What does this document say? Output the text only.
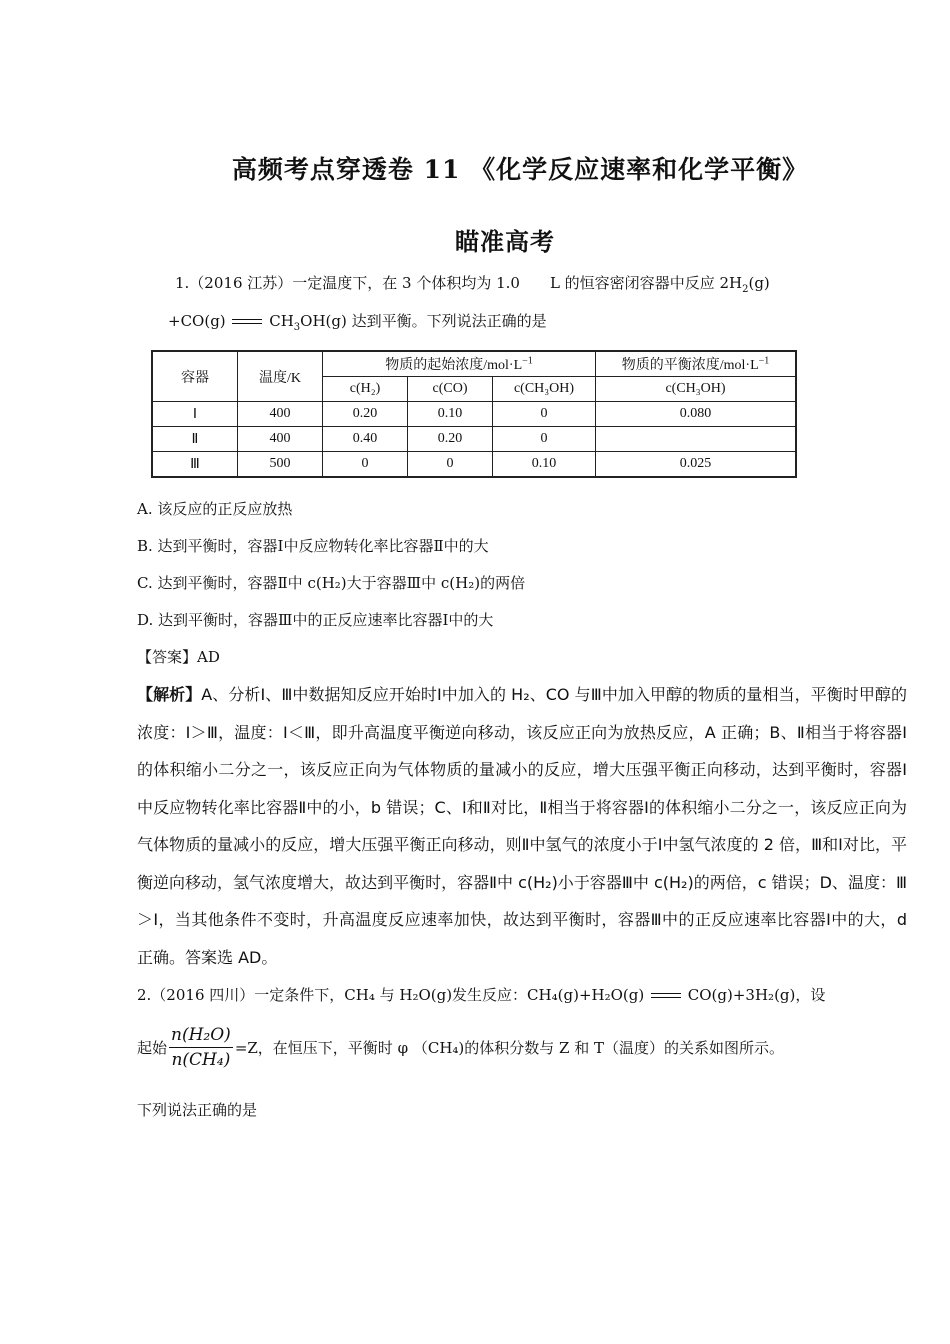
高频考点穿透卷 11 《化学反应速率和化学平衡》
瞄准高考
1.（2016 江苏）一定温度下，在 3 个体积均为 1.0　　L 的恒容密闭容器中反应 $2H_2(g)$
+CO(g)	$CH_3OH(g)$ 达到平衡。下列说法正确的是
容器	温度/K	物质的起始浓度$/mol\cdot L^{-1}$			物质的平衡浓度$/mol\cdot L^{-1}$
		c(H₂)	c(CO)	c(CH₃OH)	c(CH₃OH)
Ⅰ	400	0.20	0.10	0	0.080
Ⅱ	400	0.40	0.20	0	
Ⅲ	500	0	0	0.10	0.025
A. 该反应的正反应放热
B. 达到平衡时，容器Ⅰ中反应物转化率比容器Ⅱ中的大
C. 达到平衡时，容器Ⅱ中 c(H₂)大于容器Ⅲ中 c(H₂)的两倍
D. 达到平衡时，容器Ⅲ中的正反应速率比容器Ⅰ中的大
【答案】AD
【解析】A、分析Ⅰ、Ⅲ中数据知反应开始时Ⅰ中加入的 H₂、CO 与Ⅲ中加入甲醇的物质的量相当，平衡时甲醇的浓度：Ⅰ＞Ⅲ，温度：Ⅰ＜Ⅲ，即升高温度平衡逆向移动，该反应正向为放热反应，A 正确；B、Ⅱ相当于将容器Ⅰ的体积缩小二分之一，该反应正向为气体物质的量减小的反应，增大压强平衡正向移动，达到平衡时，容器Ⅰ中反应物转化率比容器Ⅱ中的小，b 错误；C、Ⅰ和Ⅱ对比，Ⅱ相当于将容器Ⅰ的体积缩小二分之一，该反应正向为气体物质的量减小的反应，增大压强平衡正向移动，则Ⅱ中氢气的浓度小于Ⅰ中氢气浓度的 2 倍，Ⅲ和Ⅰ对比，平衡逆向移动，氢气浓度增大，故达到平衡时，容器Ⅱ中 c(H₂)小于容器Ⅲ中 c(H₂)的两倍，c 错误；D、温度：Ⅲ＞Ⅰ，当其他条件不变时，升高温度反应速率加快，故达到平衡时，容器Ⅲ中的正反应速率比容器Ⅰ中的大，d 正确。答案选 AD。
2.（2016 四川）一定条件下，CH₄ 与 H₂O(g)发生反应：CH₄(g)+H₂O(g)	CO(g)+3H₂(g)，设
起始 $\frac{\text{n(H₂O)}}{\text{n(CH₄)}} =Z$，在恒压下，平衡时 φ （CH₄)的体积分数与 Z 和 T（温度）的关系如图所示。
下列说法正确的是
